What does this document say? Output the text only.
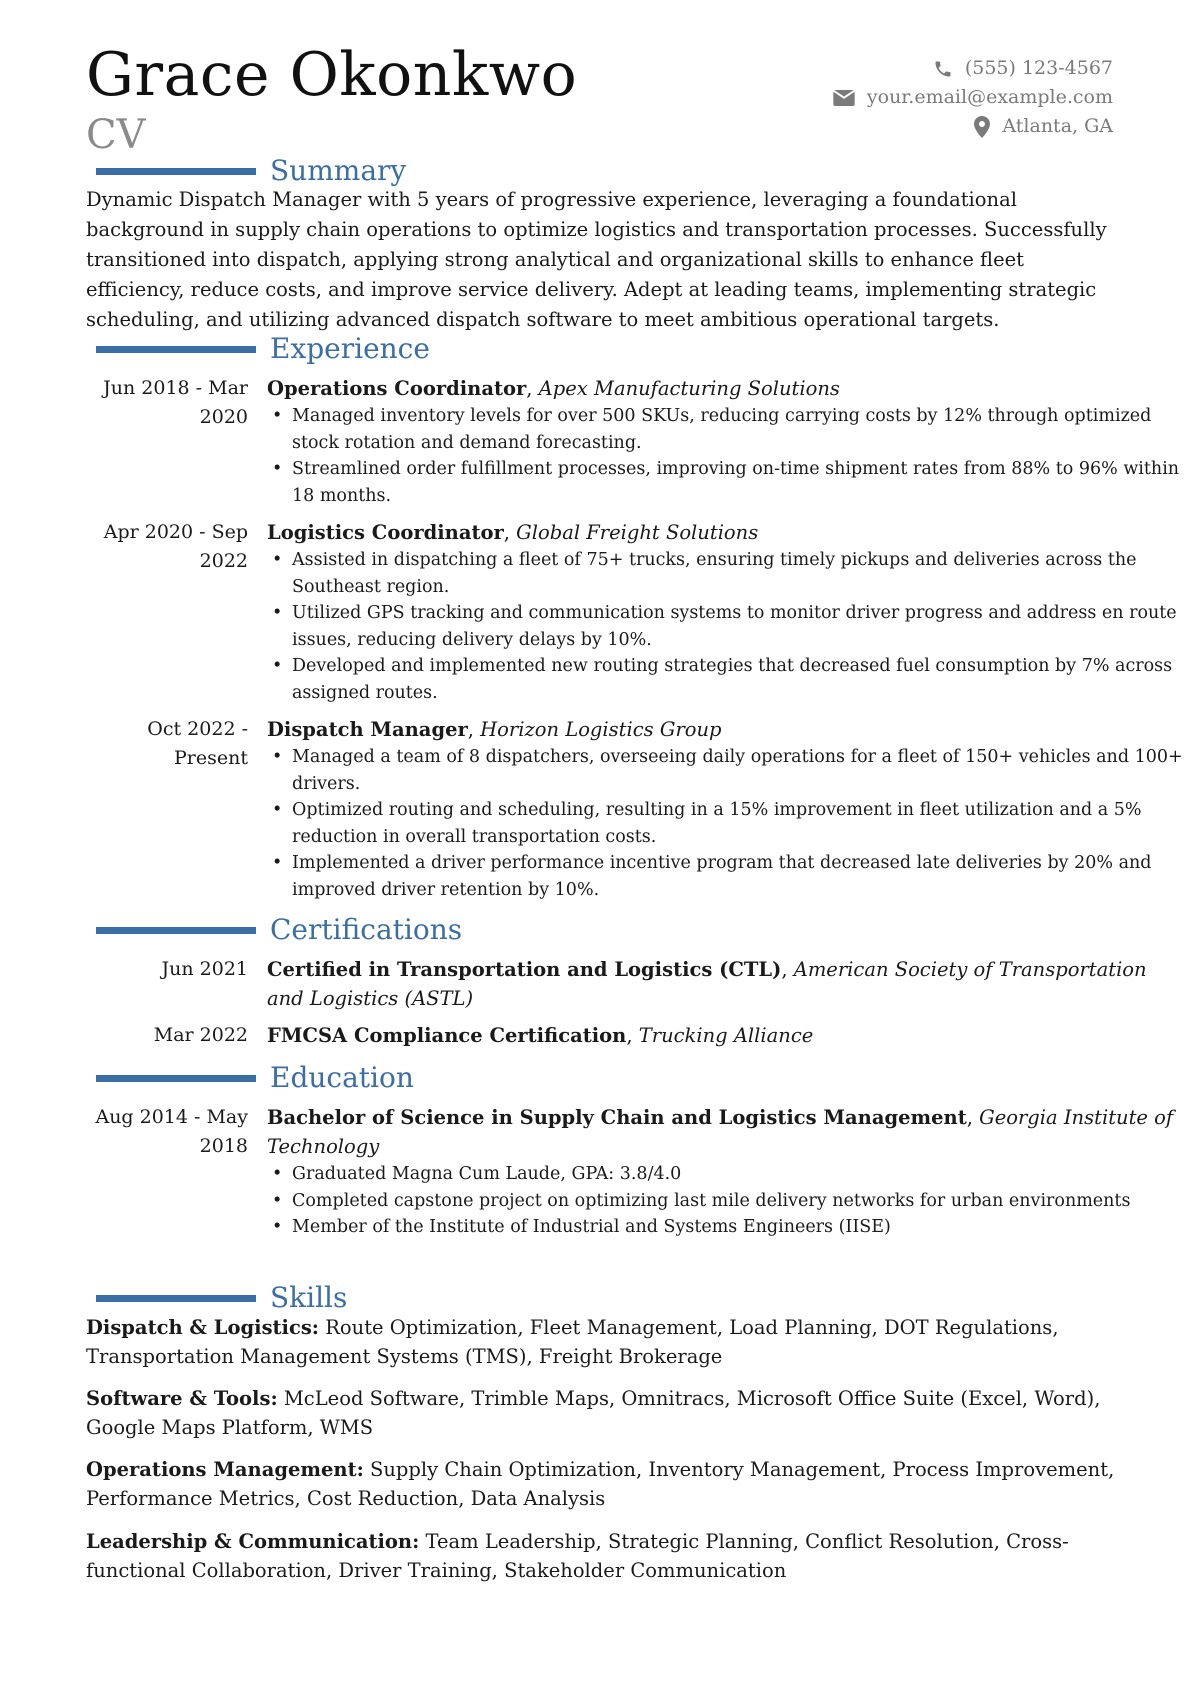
Grace Okonkwo
CV
(555) 123-4567
your.email@example.com
Atlanta, GA
Summary
Dynamic Dispatch Manager with 5 years of progressive experience, leveraging a foundational background in supply chain operations to optimize logistics and transportation processes. Successfully transitioned into dispatch, applying strong analytical and organizational skills to enhance fleet efficiency, reduce costs, and improve service delivery. Adept at leading teams, implementing strategic scheduling, and utilizing advanced dispatch software to meet ambitious operational targets.
Experience
Jun 2018 - Mar 2020
Operations Coordinator, Apex Manufacturing Solutions
• Managed inventory levels for over 500 SKUs, reducing carrying costs by 12% through optimized stock rotation and demand forecasting.
• Streamlined order fulfillment processes, improving on-time shipment rates from 88% to 96% within 18 months.
Apr 2020 - Sep 2022
Logistics Coordinator, Global Freight Solutions
• Assisted in dispatching a fleet of 75+ trucks, ensuring timely pickups and deliveries across the Southeast region.
• Utilized GPS tracking and communication systems to monitor driver progress and address en route issues, reducing delivery delays by 10%.
• Developed and implemented new routing strategies that decreased fuel consumption by 7% across assigned routes.
Oct 2022 - Present
Dispatch Manager, Horizon Logistics Group
• Managed a team of 8 dispatchers, overseeing daily operations for a fleet of 150+ vehicles and 100+ drivers.
• Optimized routing and scheduling, resulting in a 15% improvement in fleet utilization and a 5% reduction in overall transportation costs.
• Implemented a driver performance incentive program that decreased late deliveries by 20% and improved driver retention by 10%.
Certifications
Jun 2021 Certified in Transportation and Logistics (CTL), American Society of Transportation and Logistics (ASTL)
Mar 2022 FMCSA Compliance Certification, Trucking Alliance
Education
Aug 2014 - May 2018
Bachelor of Science in Supply Chain and Logistics Management, Georgia Institute of Technology
• Graduated Magna Cum Laude, GPA: 3.8/4.0
• Completed capstone project on optimizing last mile delivery networks for urban environments
• Member of the Institute of Industrial and Systems Engineers (IISE)
Skills
Dispatch & Logistics: Route Optimization, Fleet Management, Load Planning, DOT Regulations, Transportation Management Systems (TMS), Freight Brokerage
Software & Tools: McLeod Software, Trimble Maps, Omnitracs, Microsoft Office Suite (Excel, Word), Google Maps Platform, WMS
Operations Management: Supply Chain Optimization, Inventory Management, Process Improvement, Performance Metrics, Cost Reduction, Data Analysis
Leadership & Communication: Team Leadership, Strategic Planning, Conflict Resolution, Cross-functional Collaboration, Driver Training, Stakeholder Communication
